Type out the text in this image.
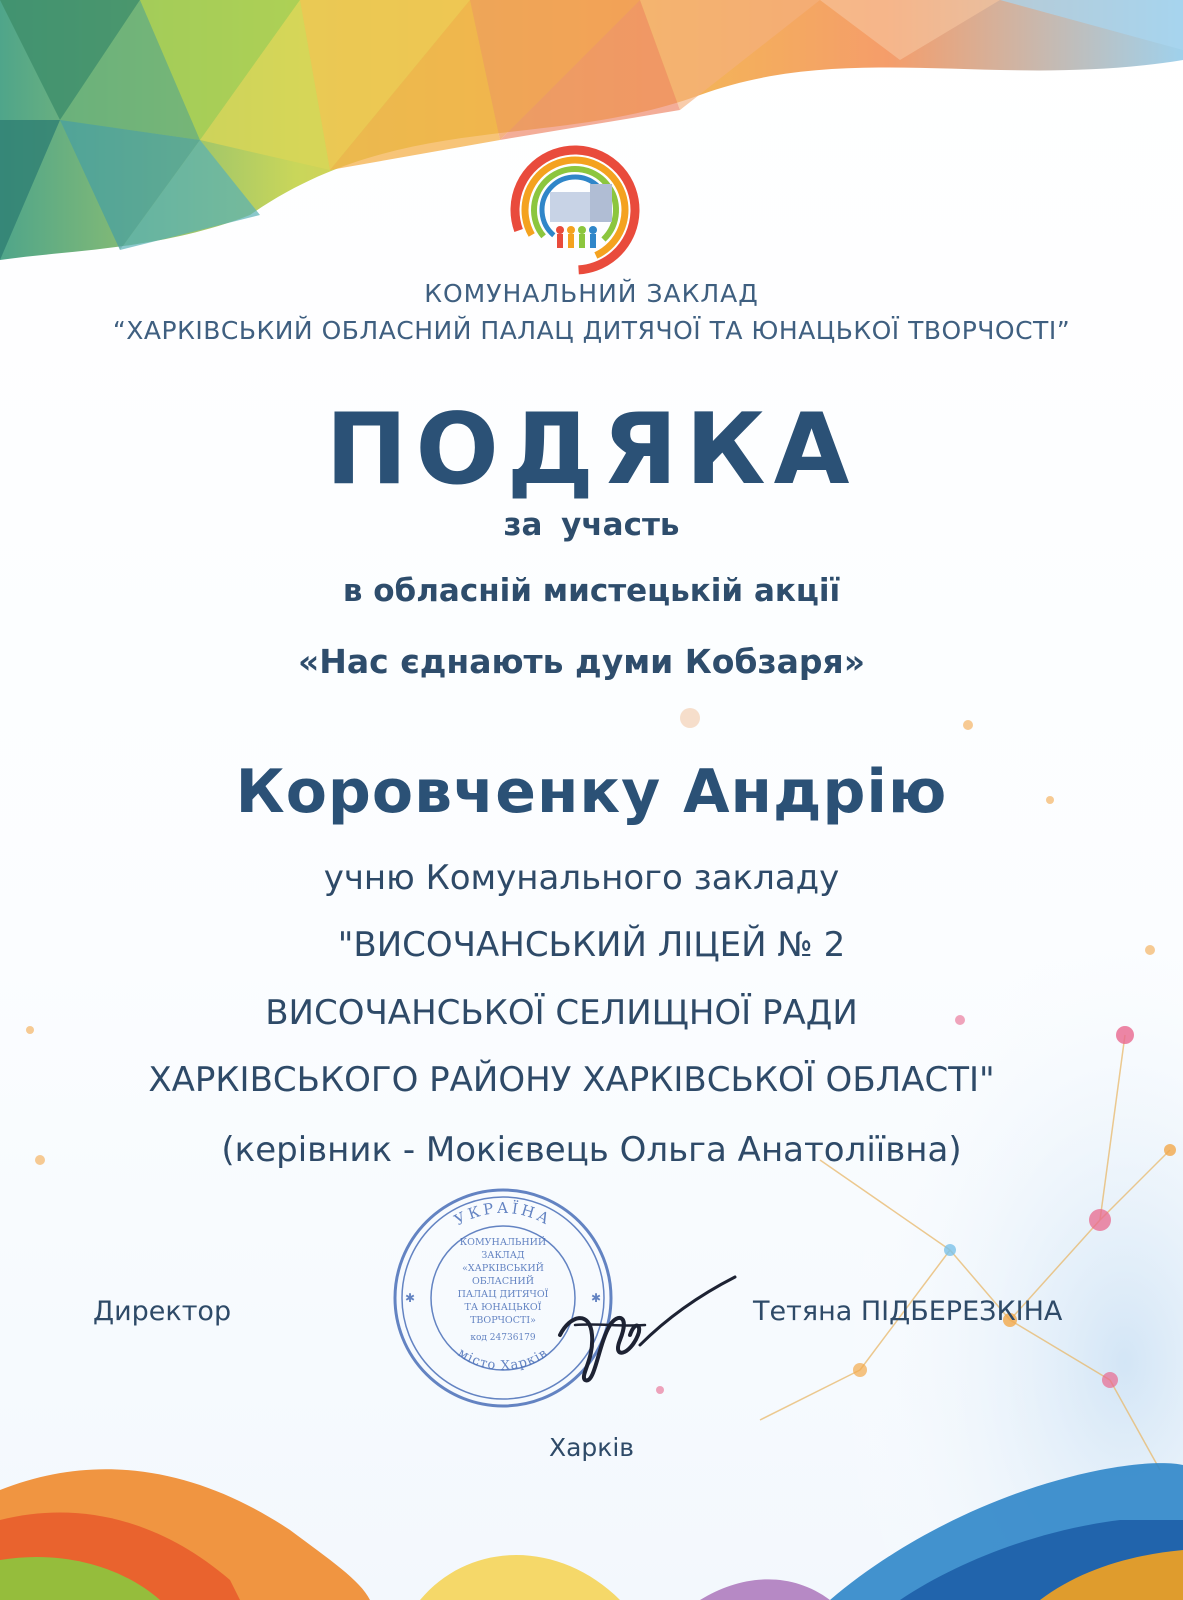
КОМУНАЛЬНИЙ ЗАКЛАД

“ХАРКІВСЬКИЙ ОБЛАСНИЙ ПАЛАЦ ДИТЯЧОЇ ТА ЮНАЦЬКОЇ ТВОРЧОСТІ”

ПОДЯКА

за участь

в обласній мистецькій акції

«Нас єднають думи Кобзаря»

Коровченку Андрію

учню Комунального закладу

"ВИСОЧАНСЬКИЙ ЛІЦЕЙ № 2

ВИСОЧАНСЬКОЇ СЕЛИЩНОЇ РАДИ

ХАРКІВСЬКОГО РАЙОНУ ХАРКІВСЬКОЇ ОБЛАСТІ"

(керівник - Мокієвець Ольга Анатоліївна)

Директор	Тетяна ПІДБЕРЕЗКІНА

УКРАЇНА
місто Харків
КОМУНАЛЬНИЙ
ЗАКЛАД
«ХАРКІВСЬКИЙ
ОБЛАСНИЙ
ПАЛАЦ ДИТЯЧОЇ
ТА ЮНАЦЬКОЇ
ТВОРЧОСТІ»
код 24736179
✱	✱

Харків
